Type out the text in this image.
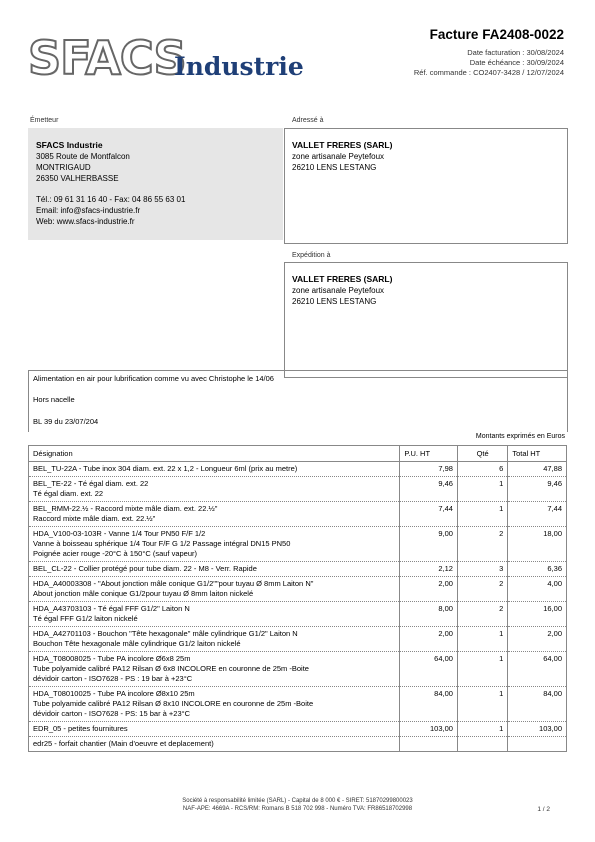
SFACS
Industrie
Facture FA2408-0022
Date facturation : 30/08/2024
Date échéance : 30/09/2024
Réf. commande : CO2407-3428 / 12/07/2024
Émetteur
SFACS Industrie
3085 Route de Montfalcon
MONTRIGAUD
26350 VALHERBASSE
Tél.: 09 61 31 16 40 - Fax: 04 86 55 63 01
Email: info@sfacs-industrie.fr
Web: www.sfacs-industrie.fr
Adressé à
VALLET FRERES (SARL)
zone artisanale Peytefoux
26210 LENS LESTANG
Expédition à
VALLET FRERES (SARL)
zone artisanale Peytefoux
26210 LENS LESTANG
Alimentation en air pour lubrification comme vu avec Christophe le 14/06
Hors nacelle
BL 39 du 23/07/204
Montants exprimés en Euros
Désignation	P.U. HT	Qté	Total HT

BEL_TU-22A - Tube inox 304 diam. ext. 22 x 1,2 - Longueur 6ml (prix au metre)	7,98	6	47,88

BEL_TE-22 - Té égal diam. ext. 22
Té égal diam. ext. 22	9,46	1	9,46

BEL_RMM-22.½ - Raccord mixte mâle diam. ext. 22.½"
Raccord mixte mâle diam. ext. 22.½"	7,44	1	7,44

HDA_V100-03-103R - Vanne 1/4 Tour PN50 F/F 1/2
Vanne à boisseau sphérique 1/4 Tour F/F G 1/2 Passage intégral DN15 PN50
Poignée acier rouge -20°C à 150°C (sauf vapeur)	9,00	2	18,00

BEL_CL-22 - Collier protégé pour tube diam. 22 - M8 - Verr. Rapide	2,12	3	6,36

HDA_A40003308 - "About jonction mâle conique G1/2""pour tuyau Ø 8mm Laiton N"
About jonction mâle conique G1/2pour tuyau Ø 8mm laiton nickelé	2,00	2	4,00

HDA_A43703103 - Té égal FFF G1/2" Laiton N
Té égal FFF G1/2 laiton nickelé	8,00	2	16,00

HDA_A42701103 - Bouchon "Tête hexagonale" mâle cylindrique G1/2" Laiton N
Bouchon Tête hexagonale mâle cylindrique G1/2 laiton nickelé	2,00	1	2,00

HDA_T08008025 - Tube PA incolore Ø6x8 25m
Tube polyamide calibré PA12 Rilsan Ø 6x8 INCOLORE en couronne de 25m -Boite
dévidoir carton - ISO7628 - PS : 19 bar à +23°C	64,00	1	64,00

HDA_T08010025 - Tube PA incolore Ø8x10 25m
Tube polyamide calibré PA12 Rilsan Ø 8x10 INCOLORE en couronne de 25m -Boite
dévidoir carton - ISO7628 - PS: 15 bar à +23°C	84,00	1	84,00

EDR_05 - petites fournitures	103,00	1	103,00

edr25 - forfait chantier (Main d'oeuvre et deplacement)			

Société à responsabilité limitée (SARL) - Capital de 8 000 € - SIRET: 51870299800023
NAF-APE: 4669A - RCS/RM: Romans B 518 702 998 - Numéro TVA: FR86518702998	1 / 2
